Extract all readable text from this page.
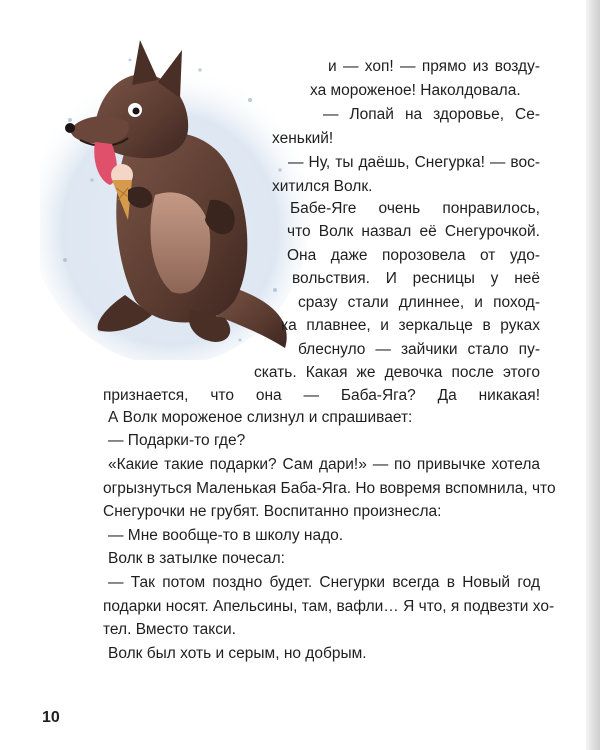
и — хоп! — прямо из возду-
ха мороженое! Наколдовала.
— Лопай на здоровье, Се-
хенький!
— Ну, ты даёшь, Снегурка! — вос-
хитился Волк.
Бабе-Яге очень понравилось,
что Волк назвал её Снегурочкой.
Она даже порозовела от удо-
вольствия. И ресницы у неё
сразу стали длиннее, и поход-
ка плавнее, и зеркальце в руках
блеснуло — зайчики стало пу-
скать. Какая же девочка после этого
признается, что она — Баба-Яга? Да никакая!
А Волк мороженое слизнул и спрашивает:
— Подарки-то где?
«Какие такие подарки? Сам дари!» — по привычке хотела
огрызнуться Маленькая Баба-Яга. Но вовремя вспомнила, что
Снегурочки не грубят. Воспитанно произнесла:
— Мне вообще-то в школу надо.
Волк в затылке почесал:
— Так потом поздно будет. Снегурки всегда в Новый год
подарки носят. Апельсины, там, вафли… Я что, я подвезти хо-
тел. Вместо такси.
Волк был хоть и серым, но добрым.
10
